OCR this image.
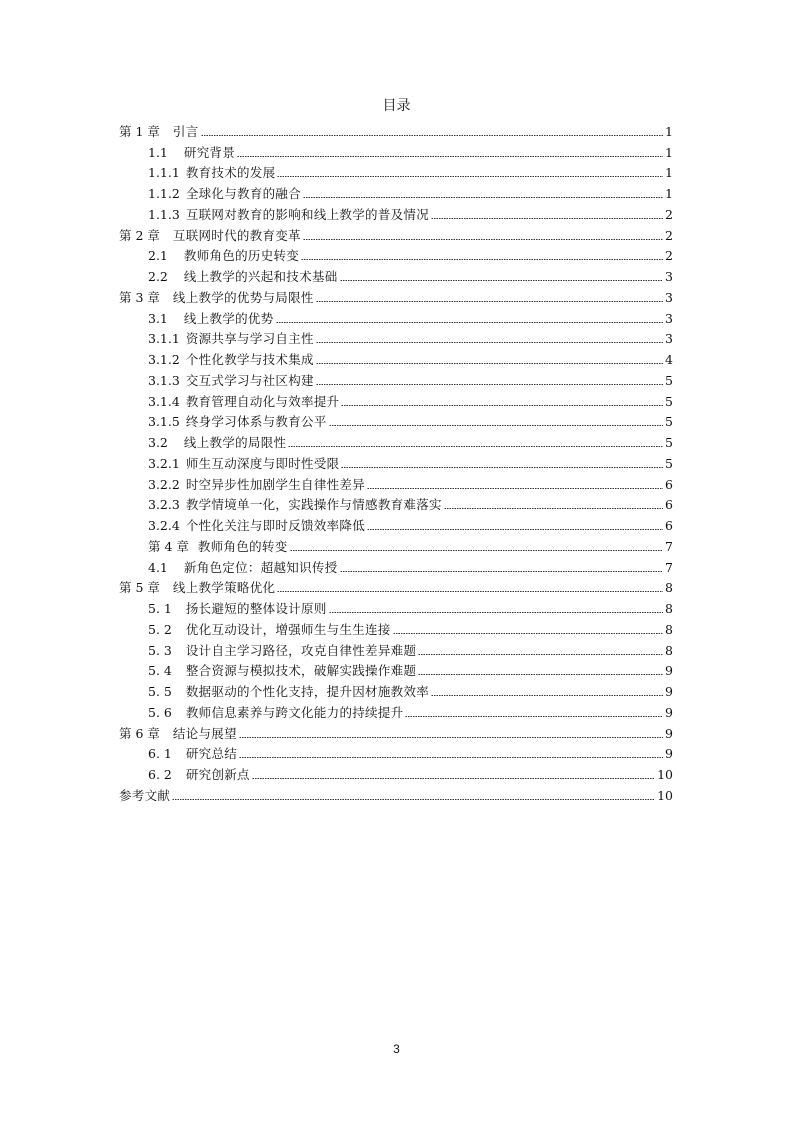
目录
第 1 章 引言	1
1.1 研究背景	1
1.1.1 教育技术的发展	1
1.1.2 全球化与教育的融合	1
1.1.3 互联网对教育的影响和线上教学的普及情况	2
第 2 章 互联网时代的教育变革	2
2.1 教师角色的历史转变	2
2.2 线上教学的兴起和技术基础	3
第 3 章 线上教学的优势与局限性	3
3.1 线上教学的优势	3
3.1.1 资源共享与学习自主性	3
3.1.2 个性化教学与技术集成	4
3.1.3 交互式学习与社区构建	5
3.1.4 教育管理自动化与效率提升	5
3.1.5 终身学习体系与教育公平	5
3.2 线上教学的局限性	5
3.2.1 师生互动深度与即时性受限	5
3.2.2 时空异步性加剧学生自律性差异	6
3.2.3 教学情境单一化，实践操作与情感教育难落实	6
3.2.4 个性化关注与即时反馈效率降低	6
第 4 章 教师角色的转变	7
4.1 新角色定位：超越知识传授	7
第 5 章 线上教学策略优化	8
5. 1 扬长避短的整体设计原则	8
5. 2 优化互动设计，增强师生与生生连接	8
5. 3 设计自主学习路径，攻克自律性差异难题	8
5. 4 整合资源与模拟技术，破解实践操作难题	9
5. 5 数据驱动的个性化支持，提升因材施教效率	9
5. 6 教师信息素养与跨文化能力的持续提升	9
第 6 章 结论与展望	9
6. 1 研究总结	9
6. 2 研究创新点	10
参考文献	10
3
